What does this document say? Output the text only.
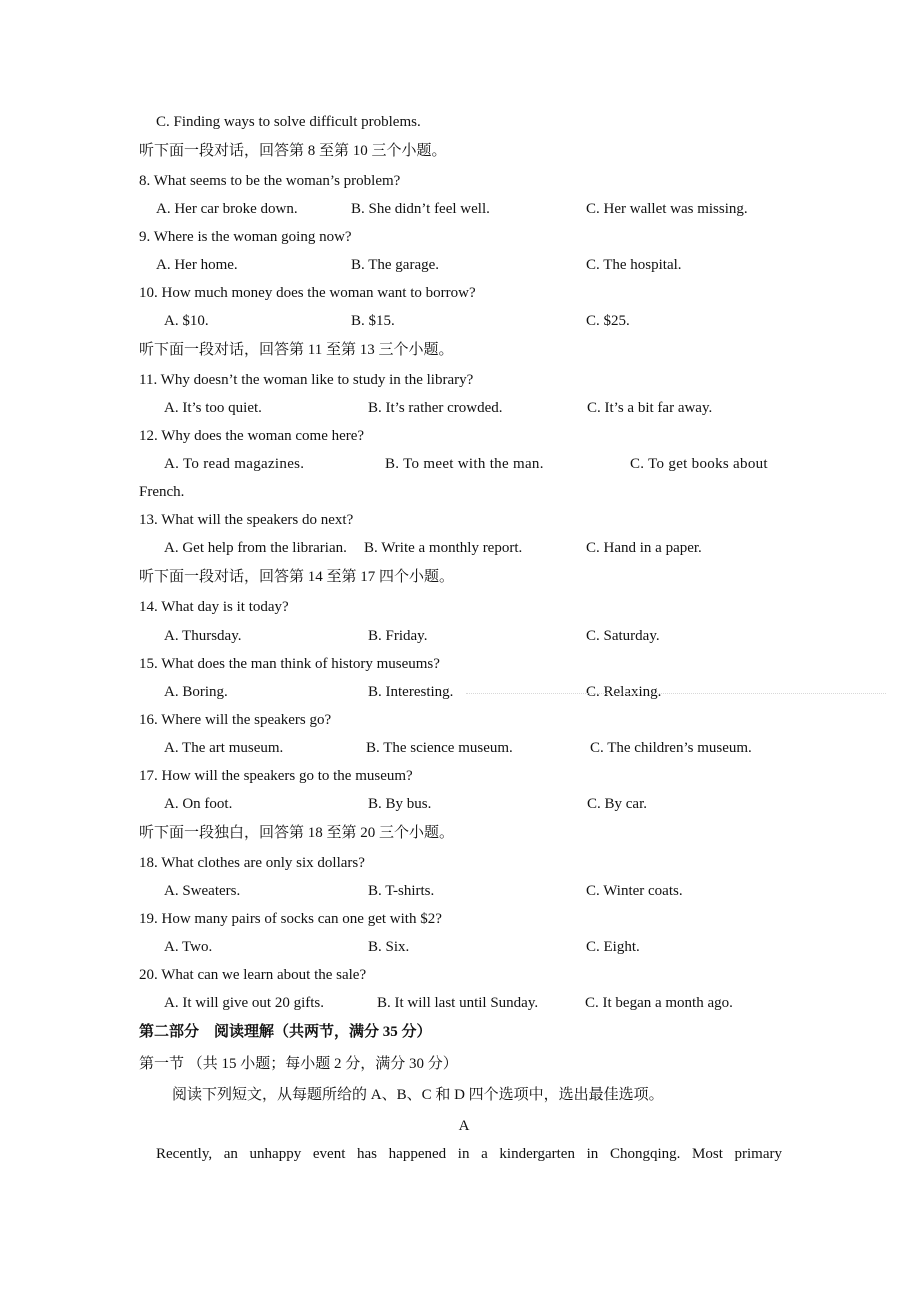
C. Finding ways to solve difficult problems.
听下面一段对话，回答第 8 至第 10 三个小题。
8. What seems to be the woman’s problem?
A. Her car broke down.	B. She didn’t feel well.	C. Her wallet was missing.
9. Where is the woman going now?
A. Her home.	B. The garage.	C. The hospital.
10. How much money does the woman want to borrow?
A. $10.	B. $15.	C. $25.
听下面一段对话，回答第 11 至第 13 三个小题。
11. Why doesn’t the woman like to study in the library?
A. It’s too quiet.	B. It’s rather crowded.	C. It’s a bit far away.
12. Why does the woman come here?
A. To read magazines.	B. To meet with the man.	C. To get books about
French.
13. What will the speakers do next?
A. Get help from the librarian. B. Write a monthly report.	C. Hand in a paper.
听下面一段对话，回答第 14 至第 17 四个小题。
14. What day is it today?
A. Thursday.	B. Friday.	C. Saturday.
15. What does the man think of history museums?
A. Boring.	B. Interesting.	C. Relaxing.
16. Where will the speakers go?
A. The art museum.	B. The science museum.	C. The children’s museum.
17. How will the speakers go to the museum?
A. On foot.	B. By bus.	C. By car.
听下面一段独白，回答第 18 至第 20 三个小题。
18. What clothes are only six dollars?
A. Sweaters.	B. T-shirts.	C. Winter coats.
19. How many pairs of socks can one get with $2?
A. Two.	B. Six.	C. Eight.
20. What can we learn about the sale?
A. It will give out 20 gifts.	B. It will last until Sunday.	C. It began a month ago.
第二部分　阅读理解（共两节，满分 35 分）
第一节 （共 15 小题；每小题 2 分，满分 30 分）
阅读下列短文，从每题所给的 A、B、C 和 D 四个选项中，选出最佳选项。
A
Recently, an unhappy event has happened in a kindergarten in Chongqing. Most primary
